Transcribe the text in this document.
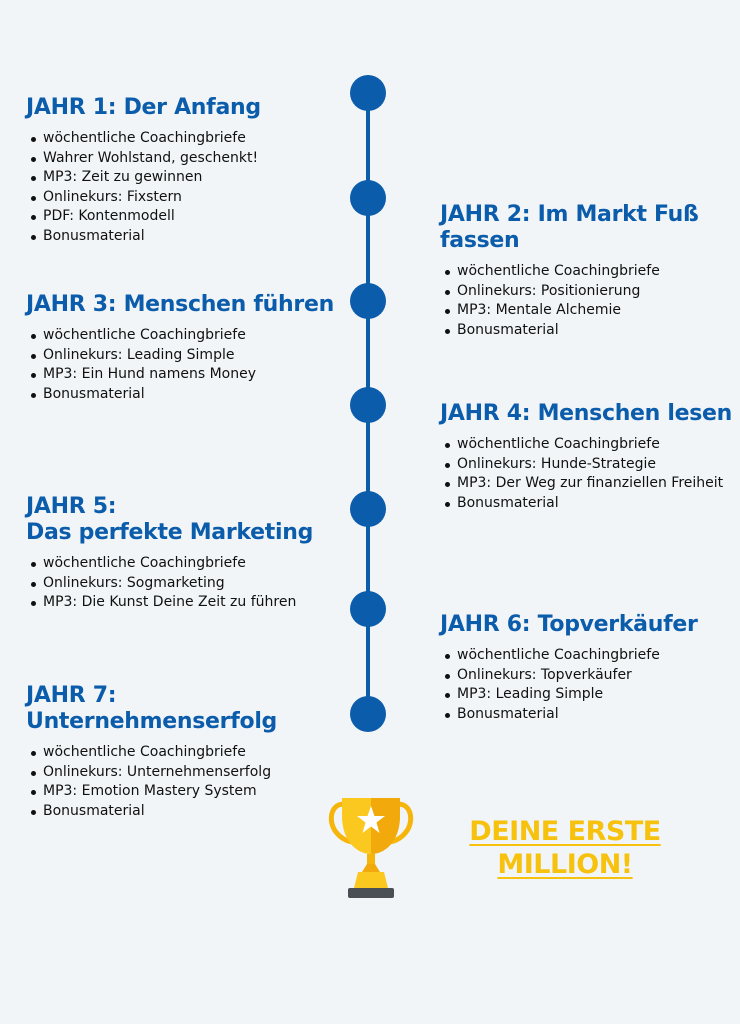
JAHR 1: Der Anfang
wöchentliche Coachingbriefe
Wahrer Wohlstand, geschenkt!
MP3: Zeit zu gewinnen
Onlinekurs: Fixstern
PDF: Kontenmodell
Bonusmaterial
JAHR 2: Im Markt Fuß
fassen
wöchentliche Coachingbriefe
Onlinekurs: Positionierung
MP3: Mentale Alchemie
Bonusmaterial
JAHR 3: Menschen führen
wöchentliche Coachingbriefe
Onlinekurs: Leading Simple
MP3: Ein Hund namens Money
Bonusmaterial
JAHR 4: Menschen lesen
wöchentliche Coachingbriefe
Onlinekurs: Hunde-Strategie
MP3: Der Weg zur finanziellen Freiheit
Bonusmaterial
JAHR 5:
Das perfekte Marketing
wöchentliche Coachingbriefe
Onlinekurs: Sogmarketing
MP3: Die Kunst Deine Zeit zu führen
JAHR 6: Topverkäufer
wöchentliche Coachingbriefe
Onlinekurs: Topverkäufer
MP3: Leading Simple
Bonusmaterial
JAHR 7:
Unternehmenserfolg
wöchentliche Coachingbriefe
Onlinekurs: Unternehmenserfolg
MP3: Emotion Mastery System
Bonusmaterial
DEINE ERSTE
MILLION!
